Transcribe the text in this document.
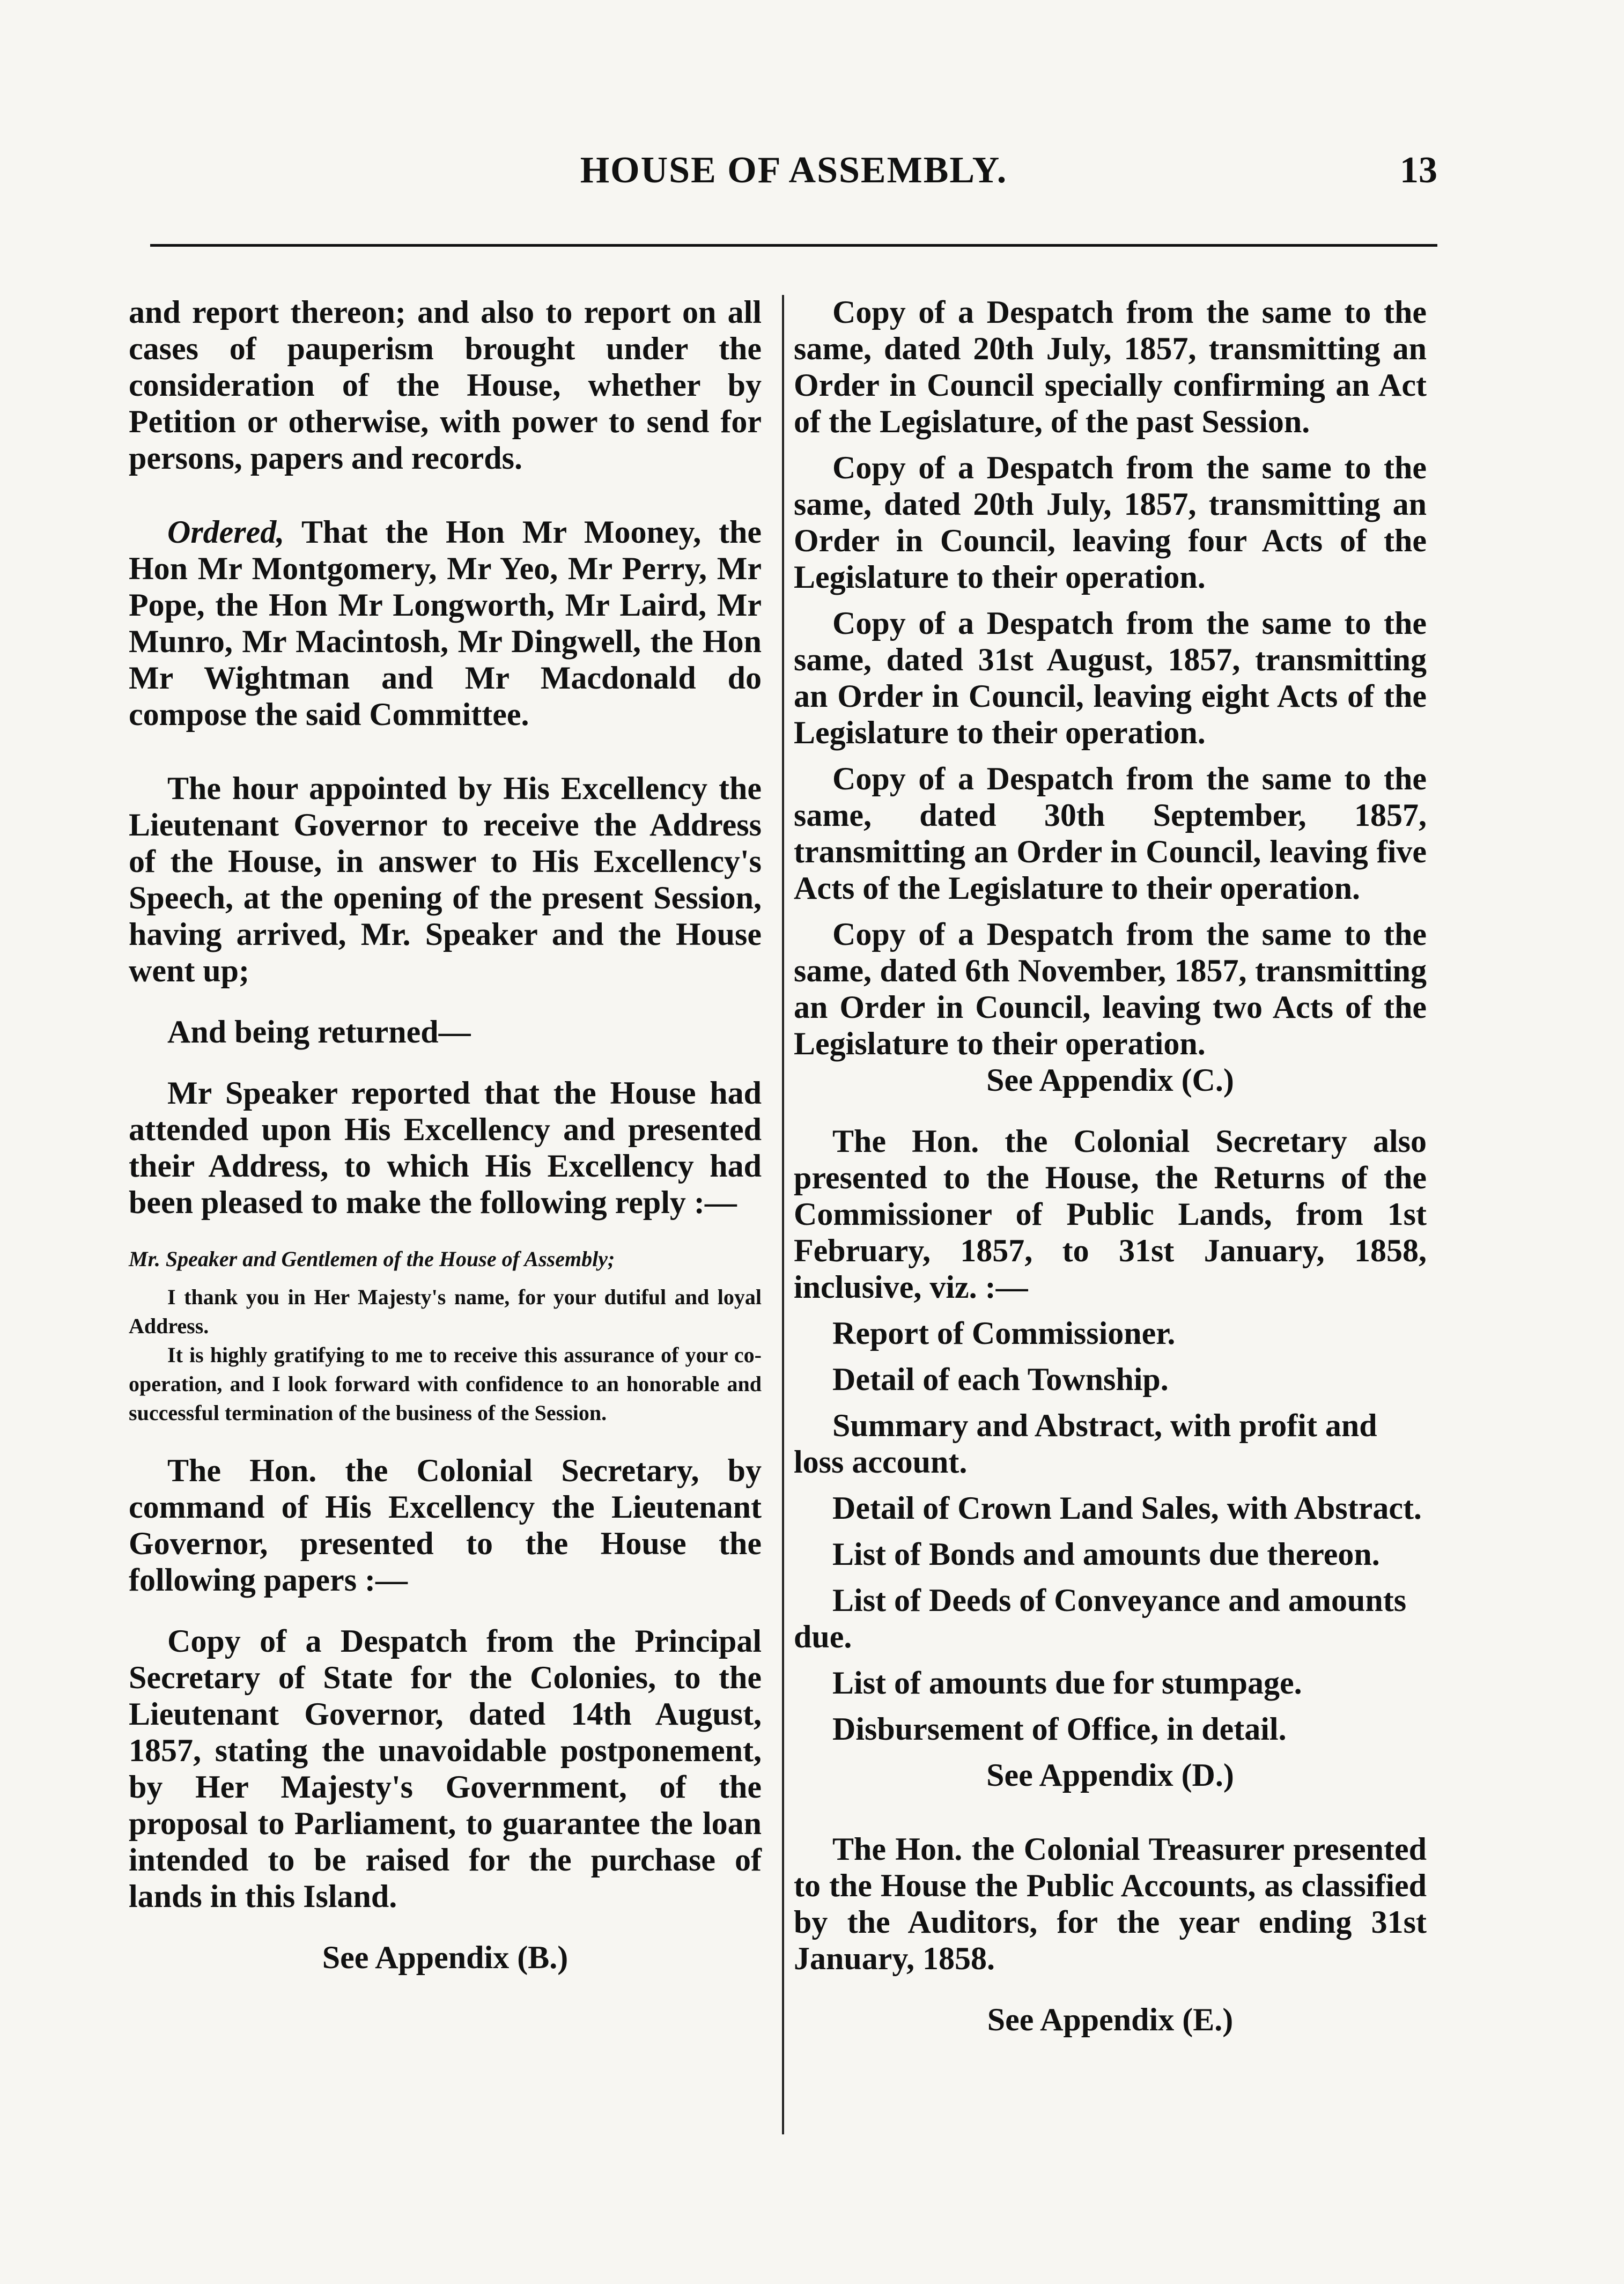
HOUSE OF ASSEMBLY.	13

and report thereon; and also to report on all cases of pauperism brought under the consideration of the House, whether by Petition or otherwise, with power to send for persons, papers and records.

Ordered, That the Hon Mr Mooney, the Hon Mr Montgomery, Mr Yeo, Mr Perry, Mr Pope, the Hon Mr Longworth, Mr Laird, Mr Munro, Mr Macintosh, Mr Dingwell, the Hon Mr Wightman and Mr Macdonald do compose the said Committee.

The hour appointed by His Excellency the Lieutenant Governor to receive the Address of the House, in answer to His Excellency's Speech, at the opening of the present Session, having arrived, Mr. Speaker and the House went up;

And being returned—

Mr Speaker reported that the House had attended upon His Excellency and presented their Address, to which His Excellency had been pleased to make the following reply :—

Mr. Speaker and Gentlemen of the House of Assembly;

I thank you in Her Majesty's name, for your dutiful and loyal Address.

It is highly gratifying to me to receive this assurance of your co-operation, and I look forward with confidence to an honorable and successful termination of the business of the Session.

The Hon. the Colonial Secretary, by command of His Excellency the Lieutenant Governor, presented to the House the following papers :—

Copy of a Despatch from the Principal Secretary of State for the Colonies, to the Lieutenant Governor, dated 14th August, 1857, stating the unavoidable postponement, by Her Majesty's Government, of the proposal to Parliament, to guarantee the loan intended to be raised for the purchase of lands in this Island.

See Appendix (B.)

Copy of a Despatch from the same to the same, dated 20th July, 1857, transmitting an Order in Council specially confirming an Act of the Legislature, of the past Session.

Copy of a Despatch from the same to the same, dated 20th July, 1857, transmitting an Order in Council, leaving four Acts of the Legislature to their operation.

Copy of a Despatch from the same to the same, dated 31st August, 1857, transmitting an Order in Council, leaving eight Acts of the Legislature to their operation.

Copy of a Despatch from the same to the same, dated 30th September, 1857, transmitting an Order in Council, leaving five Acts of the Legislature to their operation.

Copy of a Despatch from the same to the same, dated 6th November, 1857, transmitting an Order in Council, leaving two Acts of the Legislature to their operation.

See Appendix (C.)

The Hon. the Colonial Secretary also presented to the House, the Returns of the Commissioner of Public Lands, from 1st February, 1857, to 31st January, 1858, inclusive, viz. :—

Report of Commissioner.

Detail of each Township.

Summary and Abstract, with profit and loss account.

Detail of Crown Land Sales, with Abstract.

List of Bonds and amounts due thereon.

List of Deeds of Conveyance and amounts due.

List of amounts due for stumpage.

Disbursement of Office, in detail.

See Appendix (D.)

The Hon. the Colonial Treasurer presented to the House the Public Accounts, as classified by the Auditors, for the year ending 31st January, 1858.

See Appendix (E.)
